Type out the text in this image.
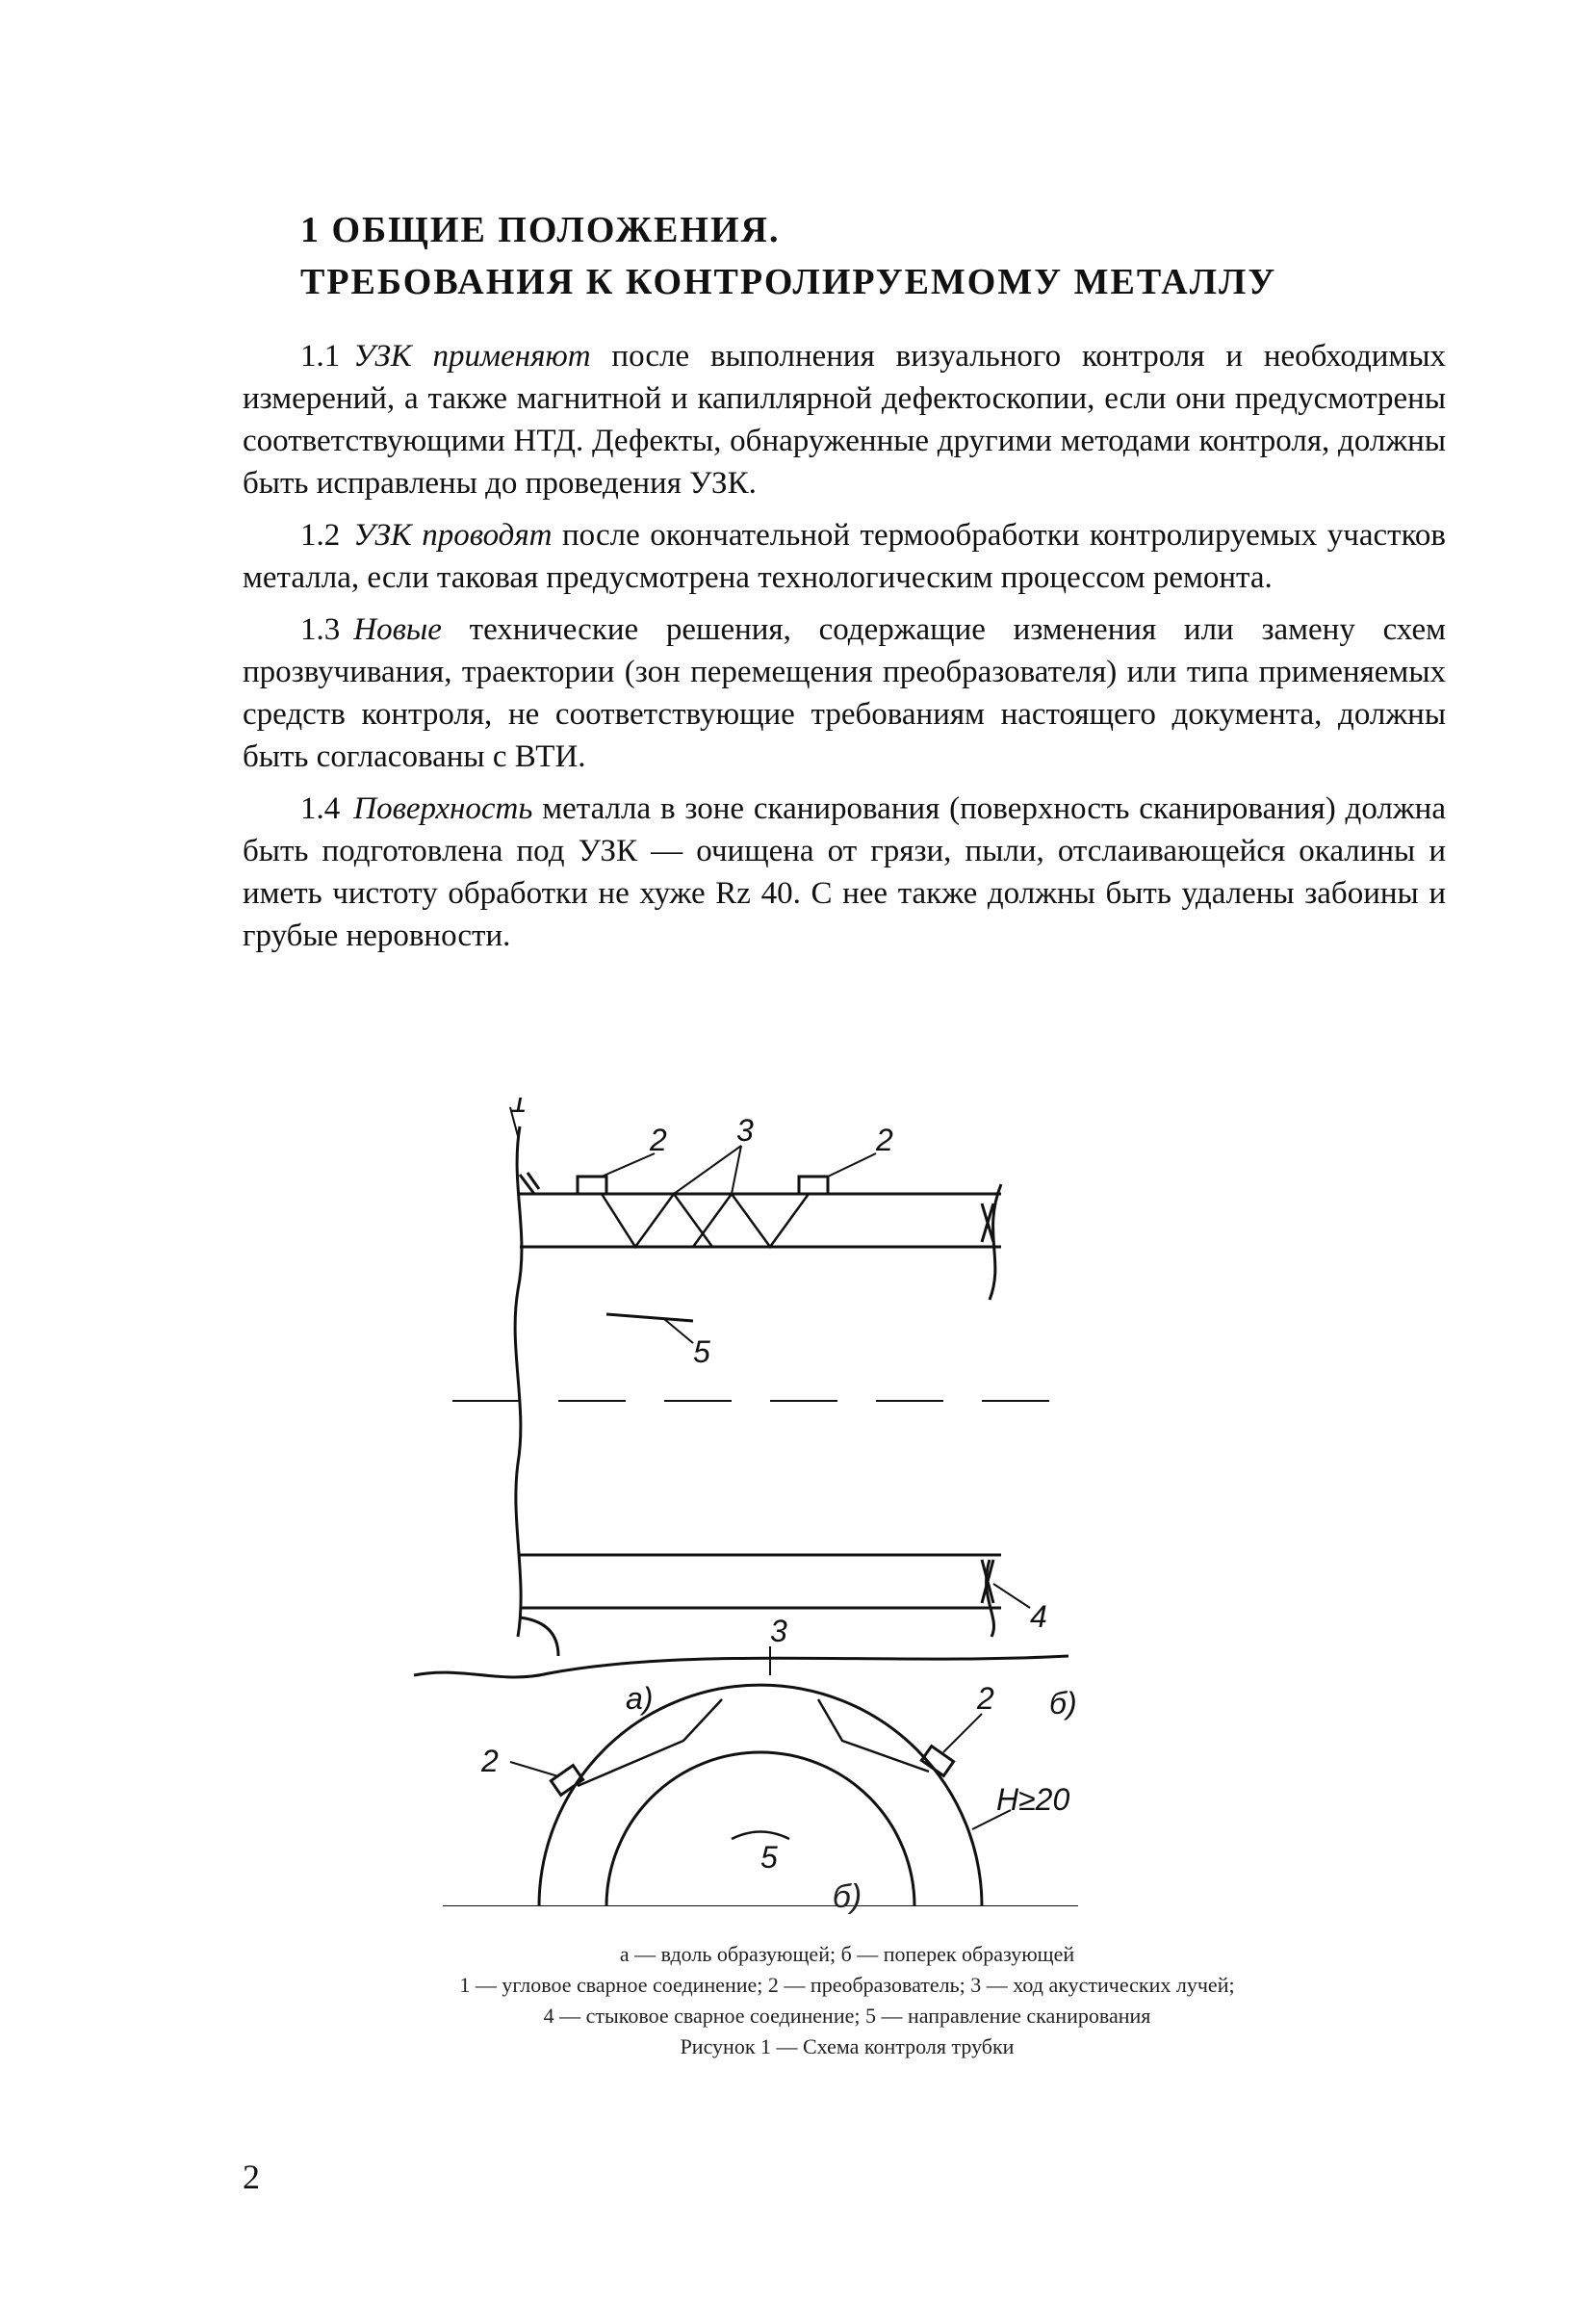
1 ОБЩИЕ ПОЛОЖЕНИЯ.
ТРЕБОВАНИЯ К КОНТРОЛИРУЕМОМУ МЕТАЛЛУ

1.1 УЗК применяют после выполнения визуального контроля и необходимых измерений, а также магнитной и капиллярной дефектоскопии, если они предусмотрены соответствующими НТД. Дефекты, обнаруженные другими методами контроля, должны быть исправлены до проведения УЗК.

1.2 УЗК проводят после окончательной термообработки контролируемых участков металла, если таковая предусмотрена технологическим процессом ремонта.

1.3 Новые технические решения, содержащие изменения или замену схем прозвучивания, траектории (зон перемещения преобразователя) или типа применяемых средств контроля, не соответствующие требованиям настоящего документа, должны быть согласованы с ВТИ.

1.4 Поверхность металла в зоне сканирования (поверхность сканирования) должна быть подготовлена под УЗК — очищена от грязи, пыли, отслаивающейся окалины и иметь чистоту обработки не хуже Rz 40. С нее также должны быть удалены забоины и грубые неровности.

1
2 3	2
5
4
а)
3
2 б)
2
Н≥20
5
б)
а — вдоль образующей; б — поперек образующей
1 — угловое сварное соединение; 2 — преобразователь; 3 — ход акустических лучей;
4 — стыковое сварное соединение; 5 — направление сканирования
Рисунок 1 — Схема контроля трубки
2
